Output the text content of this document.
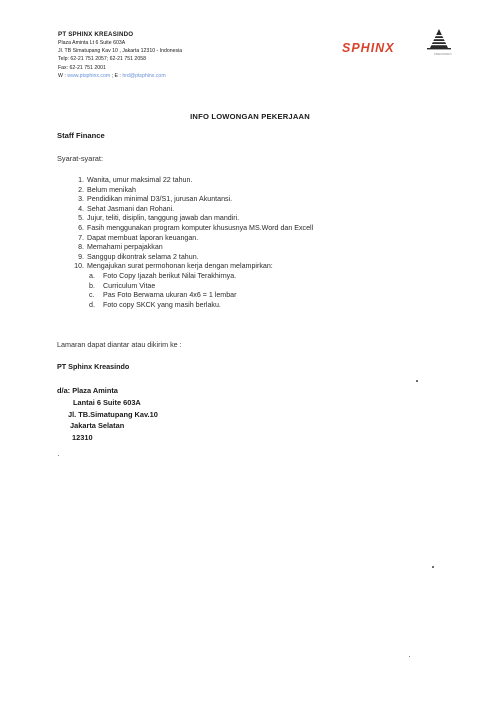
PT SPHINX KREASINDO
Plaza Aminta Lt 6 Suite 603A
Jl. TB Simatupang Kav 10 , Jakarta 12310 - Indonesia
Telp: 62-21 751 2057; 62-21 751 2058
Fax: 62-21 751 2001
W : www.ptsphinx.com ; E : hrd@ptsphinx.com
SPHINX	KREASINDO
INFO LOWONGAN PEKERJAAN
Staff Finance
Syarat-syarat:
1. Wanita, umur maksimal 22 tahun.
2. Belum menikah
3. Pendidikan minimal D3/S1, jurusan Akuntansi.
4. Sehat Jasmani dan Rohani.
5. Jujur, teliti, disiplin, tanggung jawab dan mandiri.
6. Fasih menggunakan program komputer khususnya MS.Word dan Excell
7. Dapat membuat laporan keuangan.
8. Memahami perpajakkan
9. Sanggup dikontrak selama 2 tahun.
10. Mengajukan surat permohonan kerja dengan melampirkan:
a. Foto Copy Ijazah berikut Nilai Terakhirnya.
b. Curriculum Vitae
c. Pas Foto Berwarna ukuran 4x6 = 1 lembar
d. Foto copy SKCK yang masih berlaku.
Lamaran dapat diantar atau dikirim ke :
PT Sphinx Kreasindo
d/a: Plaza Aminta
Lantai 6 Suite 603A
Jl. TB.Simatupang Kav.10
Jakarta Selatan
12310
